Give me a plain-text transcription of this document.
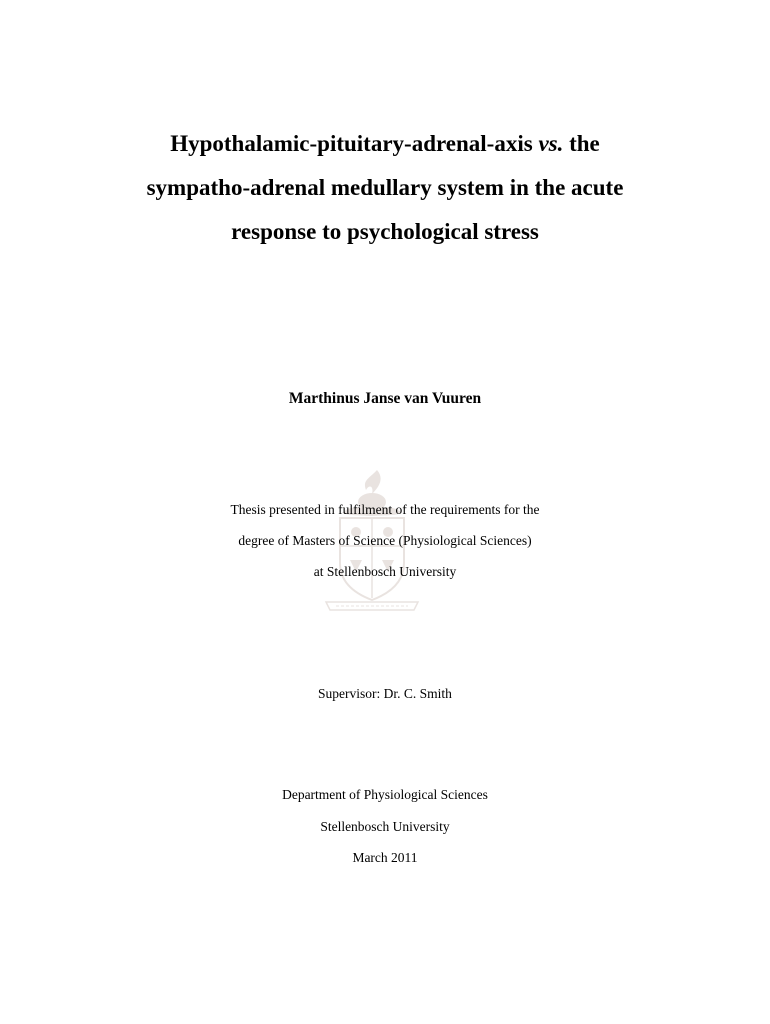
Hypothalamic-pituitary-adrenal-axis vs. the
sympatho-adrenal medullary system in the acute
response to psychological stress
Marthinus Janse van Vuuren
Thesis presented in fulfilment of the requirements for the
degree of Masters of Science (Physiological Sciences)
at Stellenbosch University
Supervisor: Dr. C. Smith
Department of Physiological Sciences
Stellenbosch University
March 2011
